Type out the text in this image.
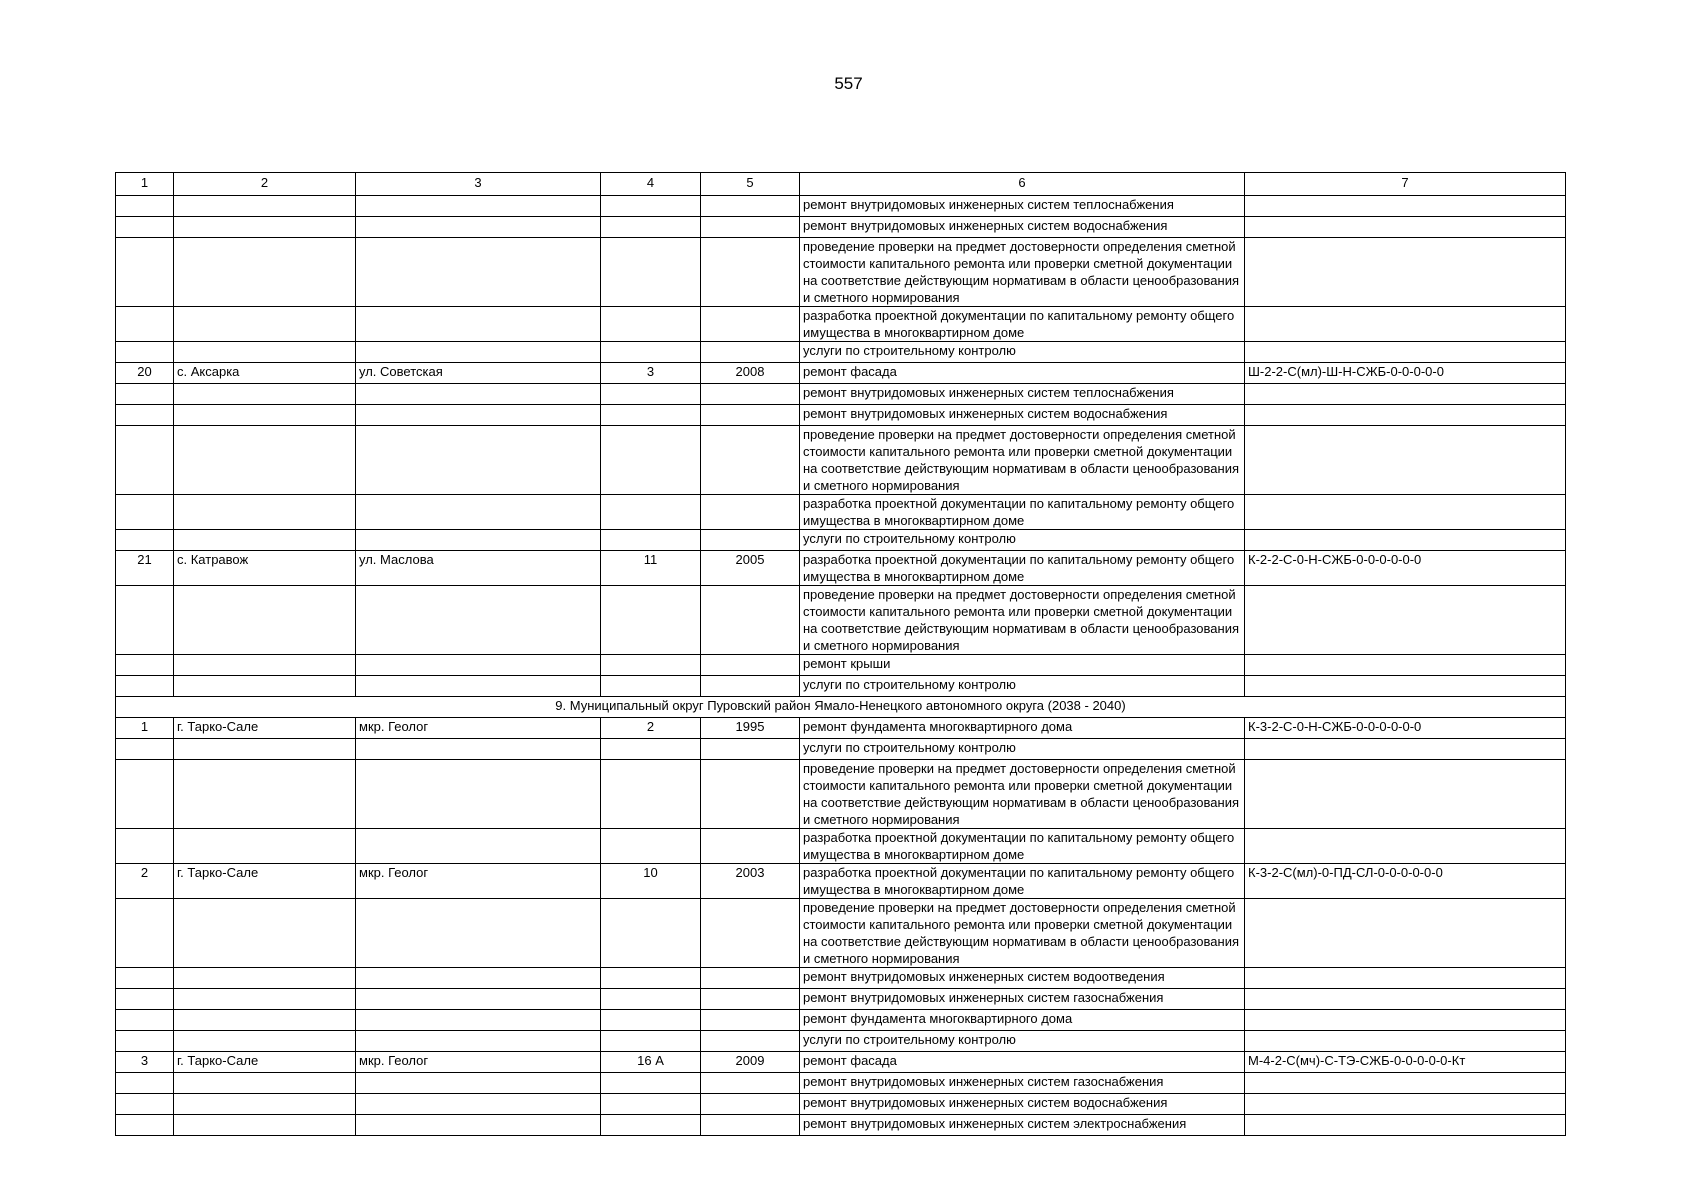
557
1	2	3	4	5	6	7
					ремонт внутридомовых инженерных систем теплоснабжения	
					ремонт внутридомовых инженерных систем водоснабжения	
					проведение проверки на предмет достоверности определения сметной стоимости капитального ремонта или проверки сметной документации на соответствие действующим нормативам в области ценообразования и сметного нормирования	
					разработка проектной документации по капитальному ремонту общего имущества в многоквартирном доме	
					услуги по строительному контролю	
20	с. Аксарка	ул. Советская	3	2008	ремонт фасада	Ш-2-2-С(мл)-Ш-Н-СЖБ-0-0-0-0-0
					ремонт внутридомовых инженерных систем теплоснабжения	
					ремонт внутридомовых инженерных систем водоснабжения	
					проведение проверки на предмет достоверности определения сметной стоимости капитального ремонта или проверки сметной документации на соответствие действующим нормативам в области ценообразования и сметного нормирования	
					разработка проектной документации по капитальному ремонту общего имущества в многоквартирном доме	
					услуги по строительному контролю	
21	с. Катравож	ул. Маслова	11	2005	разработка проектной документации по капитальному ремонту общего имущества в многоквартирном доме	К-2-2-С-0-Н-СЖБ-0-0-0-0-0-0
					проведение проверки на предмет достоверности определения сметной стоимости капитального ремонта или проверки сметной документации на соответствие действующим нормативам в области ценообразования и сметного нормирования	
					ремонт крыши	
					услуги по строительному контролю	
9. Муниципальный округ Пуровский район Ямало-Ненецкого автономного округа (2038 - 2040)						
1	г. Тарко-Сале	мкр. Геолог	2	1995	ремонт фундамента многоквартирного дома	К-3-2-С-0-Н-СЖБ-0-0-0-0-0-0
					услуги по строительному контролю	
					проведение проверки на предмет достоверности определения сметной стоимости капитального ремонта или проверки сметной документации на соответствие действующим нормативам в области ценообразования и сметного нормирования	
					разработка проектной документации по капитальному ремонту общего имущества в многоквартирном доме	
2	г. Тарко-Сале	мкр. Геолог	10	2003	разработка проектной документации по капитальному ремонту общего имущества в многоквартирном доме	К-3-2-С(мл)-0-ПД-СЛ-0-0-0-0-0-0
					проведение проверки на предмет достоверности определения сметной стоимости капитального ремонта или проверки сметной документации на соответствие действующим нормативам в области ценообразования и сметного нормирования	
					ремонт внутридомовых инженерных систем водоотведения	
					ремонт внутридомовых инженерных систем газоснабжения	
					ремонт фундамента многоквартирного дома	
					услуги по строительному контролю	
3	г. Тарко-Сале	мкр. Геолог	16 А	2009	ремонт фасада	М-4-2-С(мч)-С-ТЭ-СЖБ-0-0-0-0-0-Кт
					ремонт внутридомовых инженерных систем газоснабжения	
					ремонт внутридомовых инженерных систем водоснабжения	
					ремонт внутридомовых инженерных систем электроснабжения	
